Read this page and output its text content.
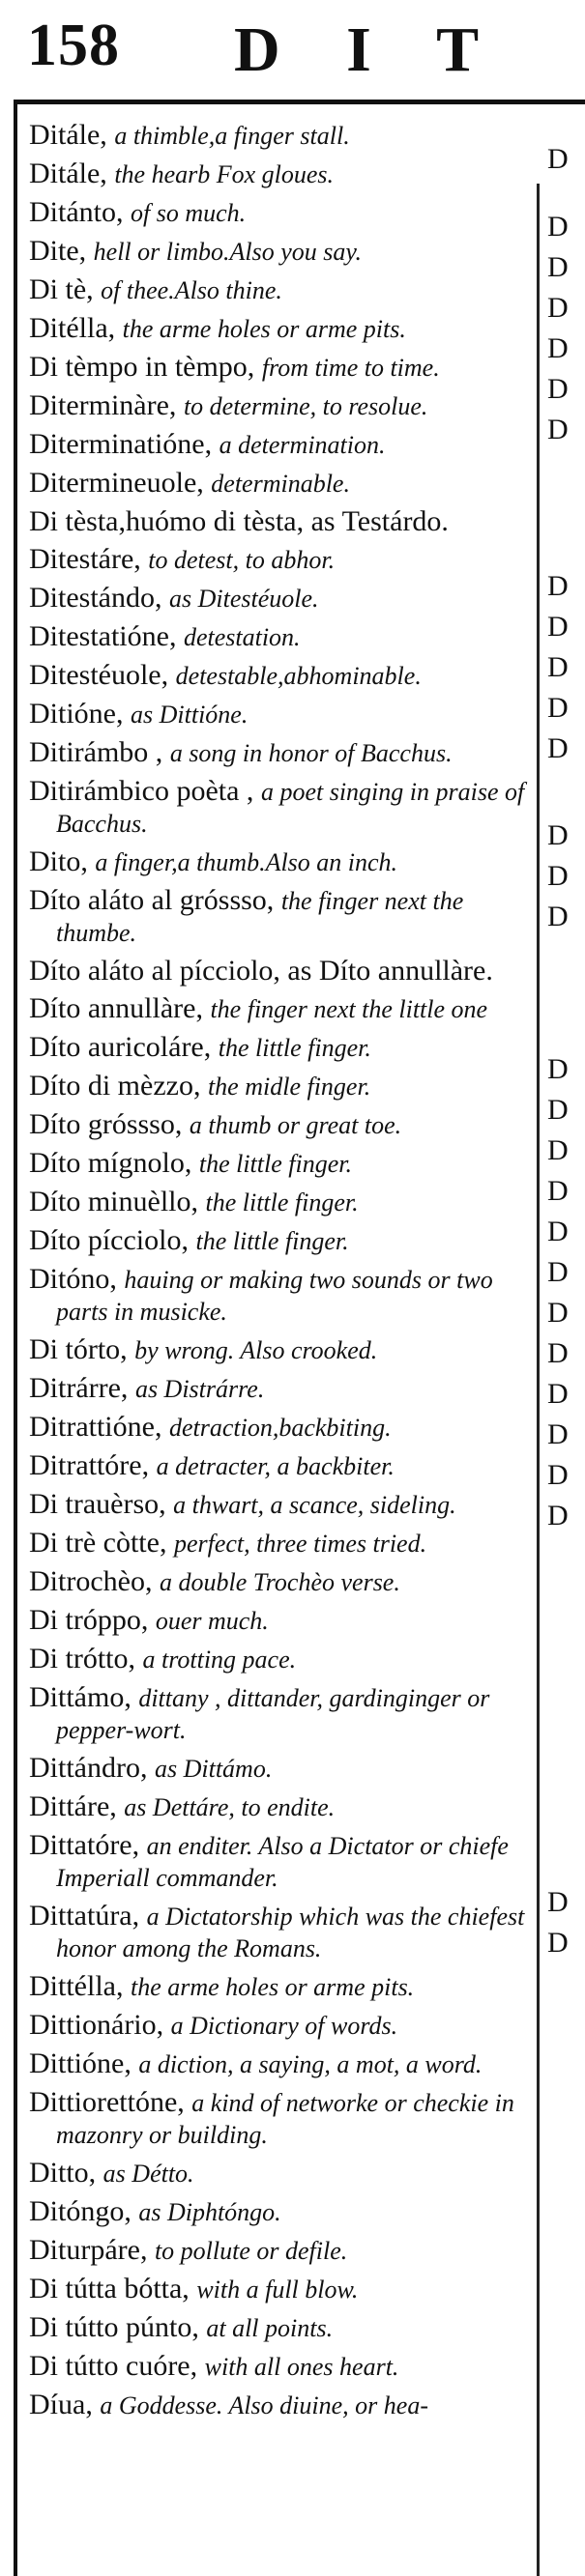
158 D I T
Ditále, a thimble,a finger stall.
Ditále, the hearb Fox gloues.
Ditánto, of so much.
Dite, hell or limbo.Also you say.
Di tè, of thee.Also thine.
Ditélla, the arme holes or arme pits.
Di tèmpo in tèmpo, from time to time.
Diterminàre, to determine, to resolue.
Diterminatióne, a determination.
Ditermineuole, determinable.
Di tèsta,huómo di tèsta, as Testárdo.
Ditestáre, to detest, to abhor.
Ditestándo, as Ditestéuole.
Ditestatióne, detestation.
Ditestéuole, detestable,abhominable.
Ditióne, as Dittióne.
Ditirámbo , a song in honor of Bacchus.
Ditirámbico poèta , a poet singing in praise of Bacchus.
Dito, a finger,a thumb.Also an inch.
Díto aláto al gróssso, the finger next the thumbe.
Díto aláto al pícciolo, as Díto annullàre.
Díto annullàre, the finger next the little one
Díto auricoláre, the little finger.
Díto di mèzzo, the midle finger.
Díto gróssso, a thumb or great toe.
Díto mígnolo, the little finger.
Díto minuèllo, the little finger.
Díto pícciolo, the little finger.
Ditóno, hauing or making two sounds or two parts in musicke.
Di tórto, by wrong. Also crooked.
Ditrárre, as Distrárre.
Ditrattióne, detraction,backbiting.
Ditrattóre, a detracter, a backbiter.
Di trauèrso, a thwart, a scance, sideling.
Di trè còtte, perfect, three times tried.
Ditrochèo, a double Trochèo verse.
Di tróppo, ouer much.
Di trótto, a trotting pace.
Dittámo, dittany , dittander, gardinginger or pepper-wort.
Dittándro, as Dittámo.
Dittáre, as Dettáre, to endite.
Dittatóre, an enditer. Also a Dictator or chiefe Imperiall commander.
Dittatúra, a Dictatorship which was the chiefest honor among the Romans.
Dittélla, the arme holes or arme pits.
Dittionário, a Dictionary of words.
Dittióne, a diction, a saying, a mot, a word.
Dittiorettóne, a kind of networke or checkie in mazonry or building.
Ditto, as Détto.
Ditóngo, as Diphtóngo.
Diturpáre, to pollute or defile.
Di tútta bótta, with a full blow.
Di tútto púnto, at all points.
Di tútto cuóre, with all ones heart.
Díua, a Goddesse. Also diuine, or hea-
D
D
D
D
D
D
D
D
D
D
D
D
D
D
D
D
D
D
D
D
D
D
D
D
D
D
D
D
D
